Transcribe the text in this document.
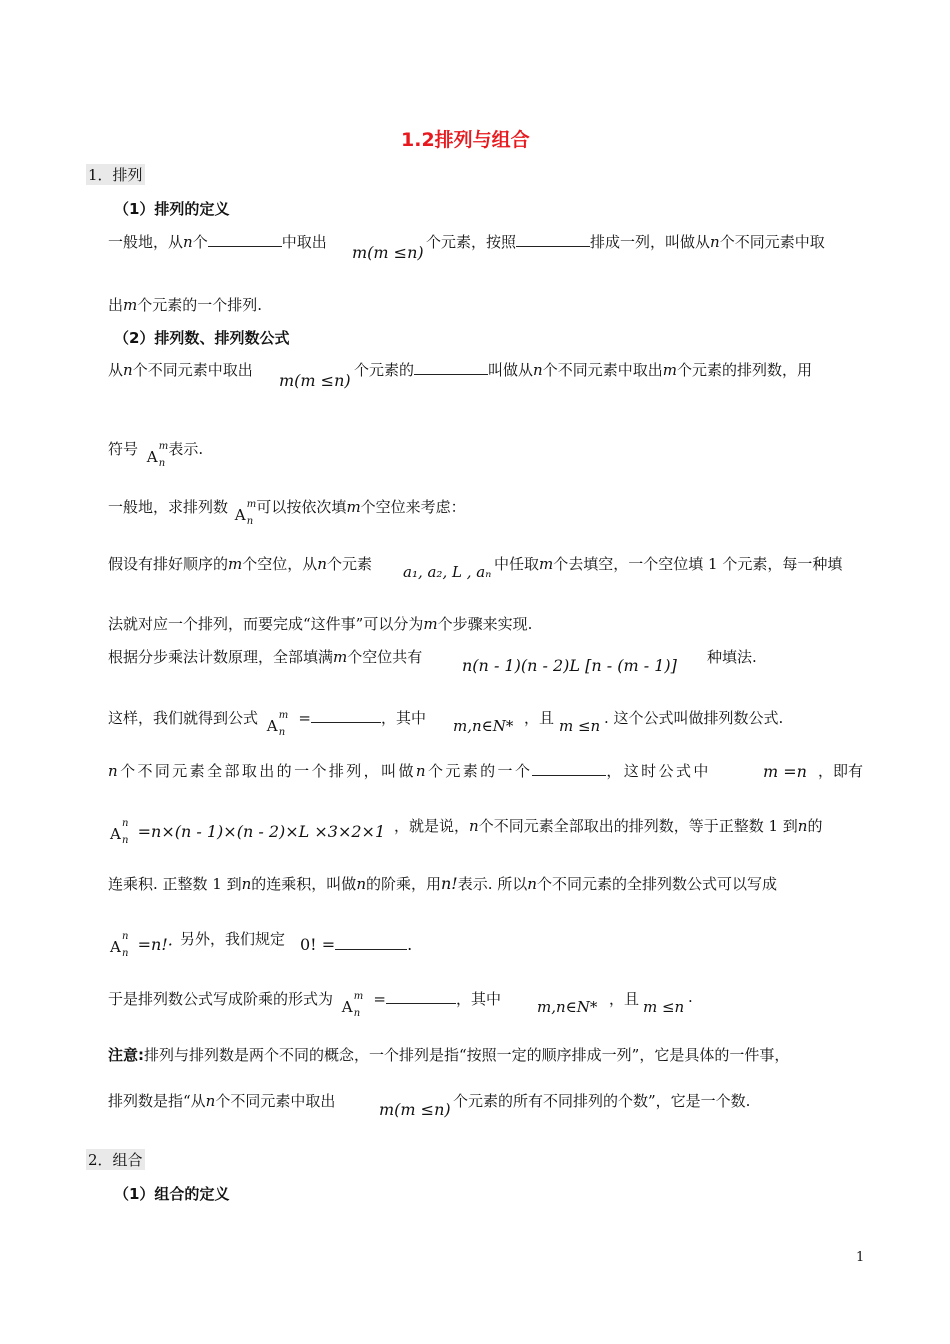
1.2排列与组合
1．排列
（1）排列的定义
一般地，从n个	中取出
m(m ≤n)
个元素，按照	排成一列，叫做从n个不同元素中取
出m个元素的一个排列.
（2）排列数、排列数公式
从n个不同元素中取出
m(m ≤n)
个元素的	叫做从n个不同元素中取出m个元素的排列数，用
符号 A
m
n
表示.
一般地，求排列数 A
m
n
可以按依次填m个空位来考虑：
假设有排好顺序的m个空位，从n个元素 a₁, a₂, L , aₙ 中任取m个去填空，一个空位填 1 个元素，每一种填
法就对应一个排列，而要完成“这件事”可以分为m个步骤来实现.
根据分步乘法计数原理，全部填满m个空位共有 n(n - 1)(n - 2)L [n - (m - 1)] 种填法.
这样，我们就得到公式 A
m
n
=	，其中 m,n∈N* ，且 m ≤n . 这个公式叫做排列数公式.
n个不同元素全部取出的一个排列，叫做n个元素的一个	，这时公式中	m =n ，即有
A
n
n =n×(n - 1)×(n - 2)×L ×3×2×1 ，就是说，n个不同元素全部取出的排列数，等于正整数 1 到n的
连乘积. 正整数 1 到n的连乘积，叫做n的阶乘，用n!表示. 所以n个不同元素的全排列数公式可以写成
A
n
n =n!· 另外，我们规定 0! =	.
于是排列数公式写成阶乘的形式为 A
m
n
=	，其中 m,n∈N* ，且 m ≤n
.
注意:排列与排列数是两个不同的概念，一个排列是指“按照一定的顺序排成一列”，它是具体的一件事，
排列数是指“从n个不同元素中取出	m(m ≤n) 个元素的所有不同排列的个数”，它是一个数.
2．组合
（1）组合的定义
1
